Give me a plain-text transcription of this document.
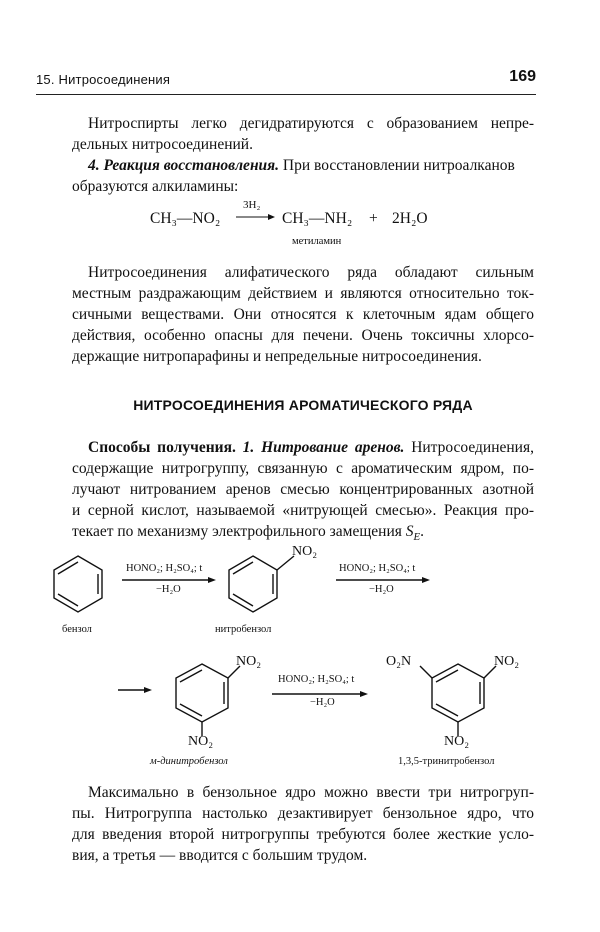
15. Нитросоединения	169
Нитроспирты легко дегидратируются с образованием непре-
дельных нитросоединений.
4. Реакция восстановления. При восстановлении нитроалканов
образуются алкиламины:
CH₃—NO₂
3H₂
CH₃—NH₂ + 2H₂O
метиламин
Нитросоединения алифатического ряда обладают сильным
местным раздражающим действием и являются относительно ток-
сичными веществами. Они относятся к клеточным ядам общего
действия, особенно опасны для печени. Очень токсичны хлорсо-
держащие нитропарафины и непредельные нитросоединения.
НИТРОСОЕДИНЕНИЯ АРОМАТИЧЕСКОГО РЯДА
Способы получения. 1. Нитрование аренов. Нитросоединения,
содержащие нитрогруппу, связанную с ароматическим ядром, по-
лучают нитрованием аренов смесью концентрированных азотной
и серной кислот, называемой «нитрующей смесью». Реакция про-
текает по механизму электрофильного замещения $S_E$.
HONO₂; H₂SO₄; t
−H₂O
NO₂
HONO₂; H₂SO₄; t
−H₂O
бензол	нитробензол
NO₂
NO₂
HONO₂; H₂SO₄; t
−H₂O
O₂N	NO₂
NO₂
м-динитробензол	1,3,5-тринитробензол
Максимально в бензольное ядро можно ввести три нитрогруп-
пы. Нитрогруппа настолько дезактивирует бензольное ядро, что
для введения второй нитрогруппы требуются более жесткие усло-
вия, а третья — вводится с большим трудом.
